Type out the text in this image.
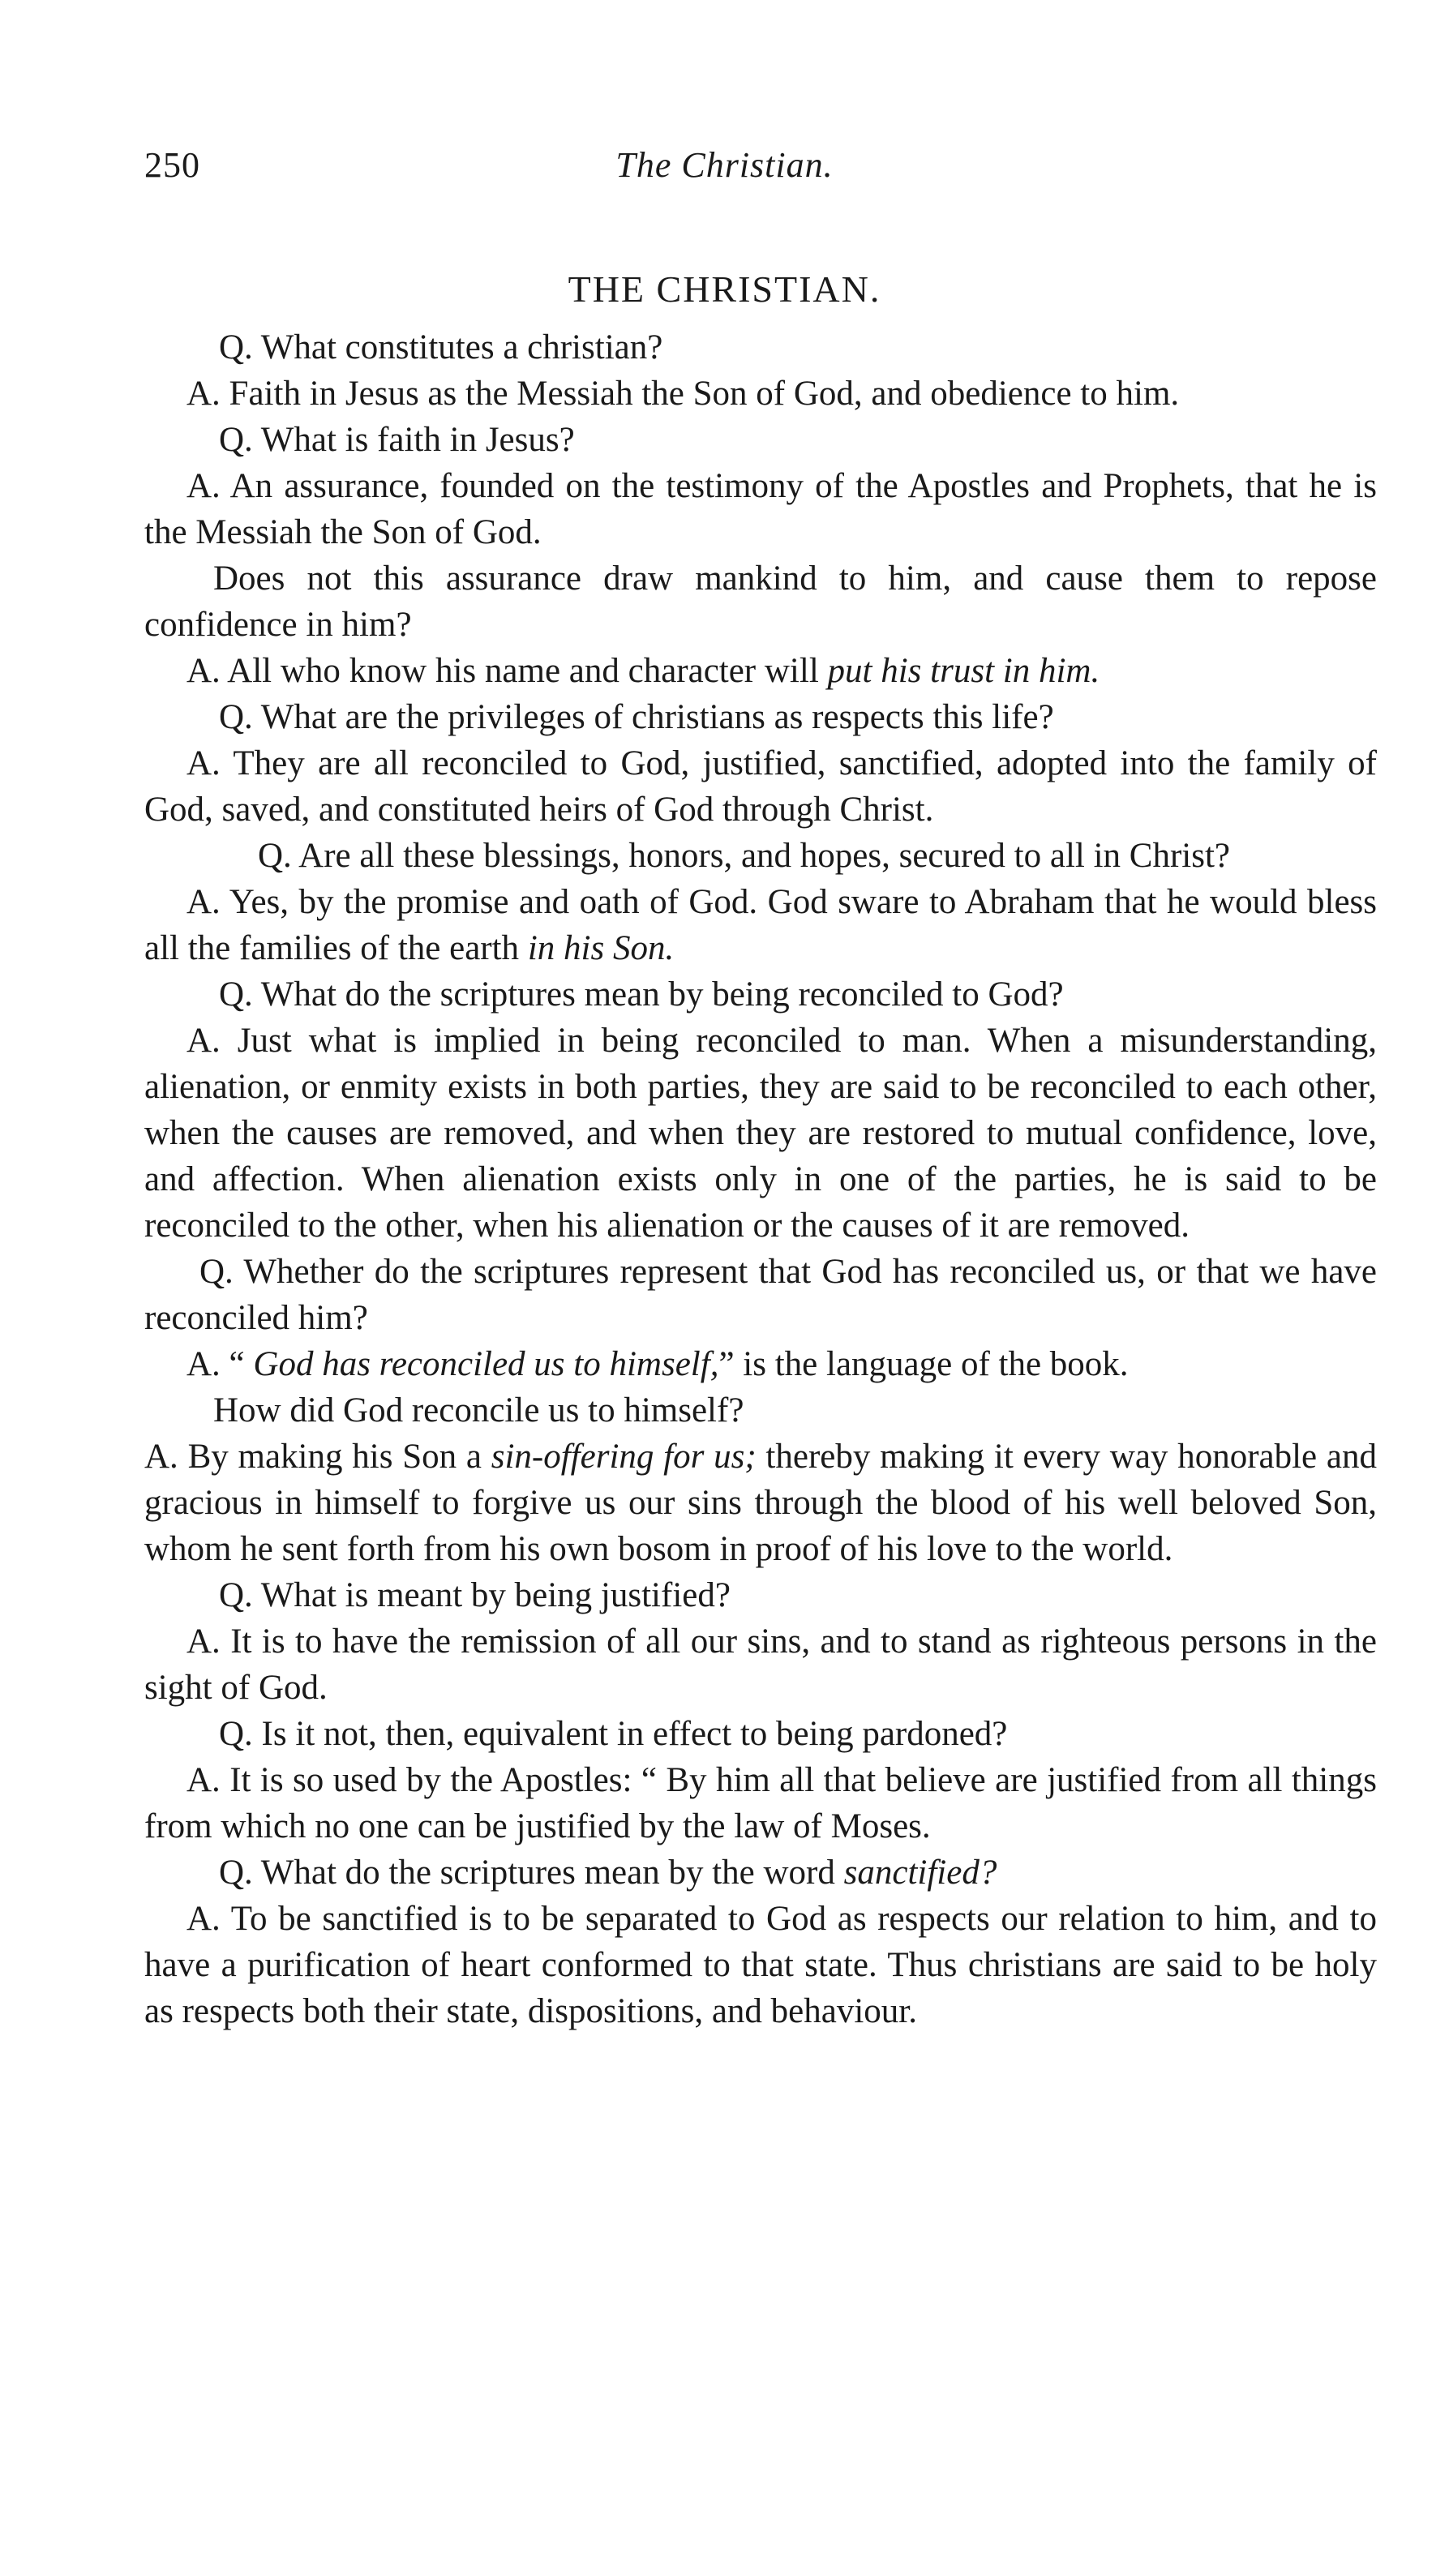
250	The Christian.
THE CHRISTIAN.

Q. What constitutes a christian?

A. Faith in Jesus as the Messiah the Son of God, and obedience to him.

Q. What is faith in Jesus?

A. An assurance, founded on the testimony of the Apostles and Prophets, that he is the Messiah the Son of God.

Does not this assurance draw mankind to him, and cause them to repose confidence in him?

A. All who know his name and character will put his trust in him.

Q. What are the privileges of christians as respects this life?

A. They are all reconciled to God, justified, sanctified, adopted into the family of God, saved, and constituted heirs of God through Christ.

Q. Are all these blessings, honors, and hopes, secured to all in Christ?

A. Yes, by the promise and oath of God. God sware to Abraham that he would bless all the families of the earth in his Son.

Q. What do the scriptures mean by being reconciled to God?

A. Just what is implied in being reconciled to man. When a misunderstanding, alienation, or enmity exists in both parties, they are said to be reconciled to each other, when the causes are removed, and when they are restored to mutual confidence, love, and affection. When alienation exists only in one of the parties, he is said to be reconciled to the other, when his alienation or the causes of it are removed.

Q. Whether do the scriptures represent that God has reconciled us, or that we have reconciled him?

A. “ God has reconciled us to himself,” is the language of the book.

How did God reconcile us to himself?

A. By making his Son a sin-offering for us; thereby making it every way honorable and gracious in himself to forgive us our sins through the blood of his well beloved Son, whom he sent forth from his own bosom in proof of his love to the world.

Q. What is meant by being justified?

A. It is to have the remission of all our sins, and to stand as righteous persons in the sight of God.

Q. Is it not, then, equivalent in effect to being pardoned?

A. It is so used by the Apostles: “ By him all that believe are justified from all things from which no one can be justified by the law of Moses.

Q. What do the scriptures mean by the word sanctified?

A. To be sanctified is to be separated to God as respects our relation to him, and to have a purification of heart conformed to that state. Thus christians are said to be holy as respects both their state, dispositions, and behaviour.
